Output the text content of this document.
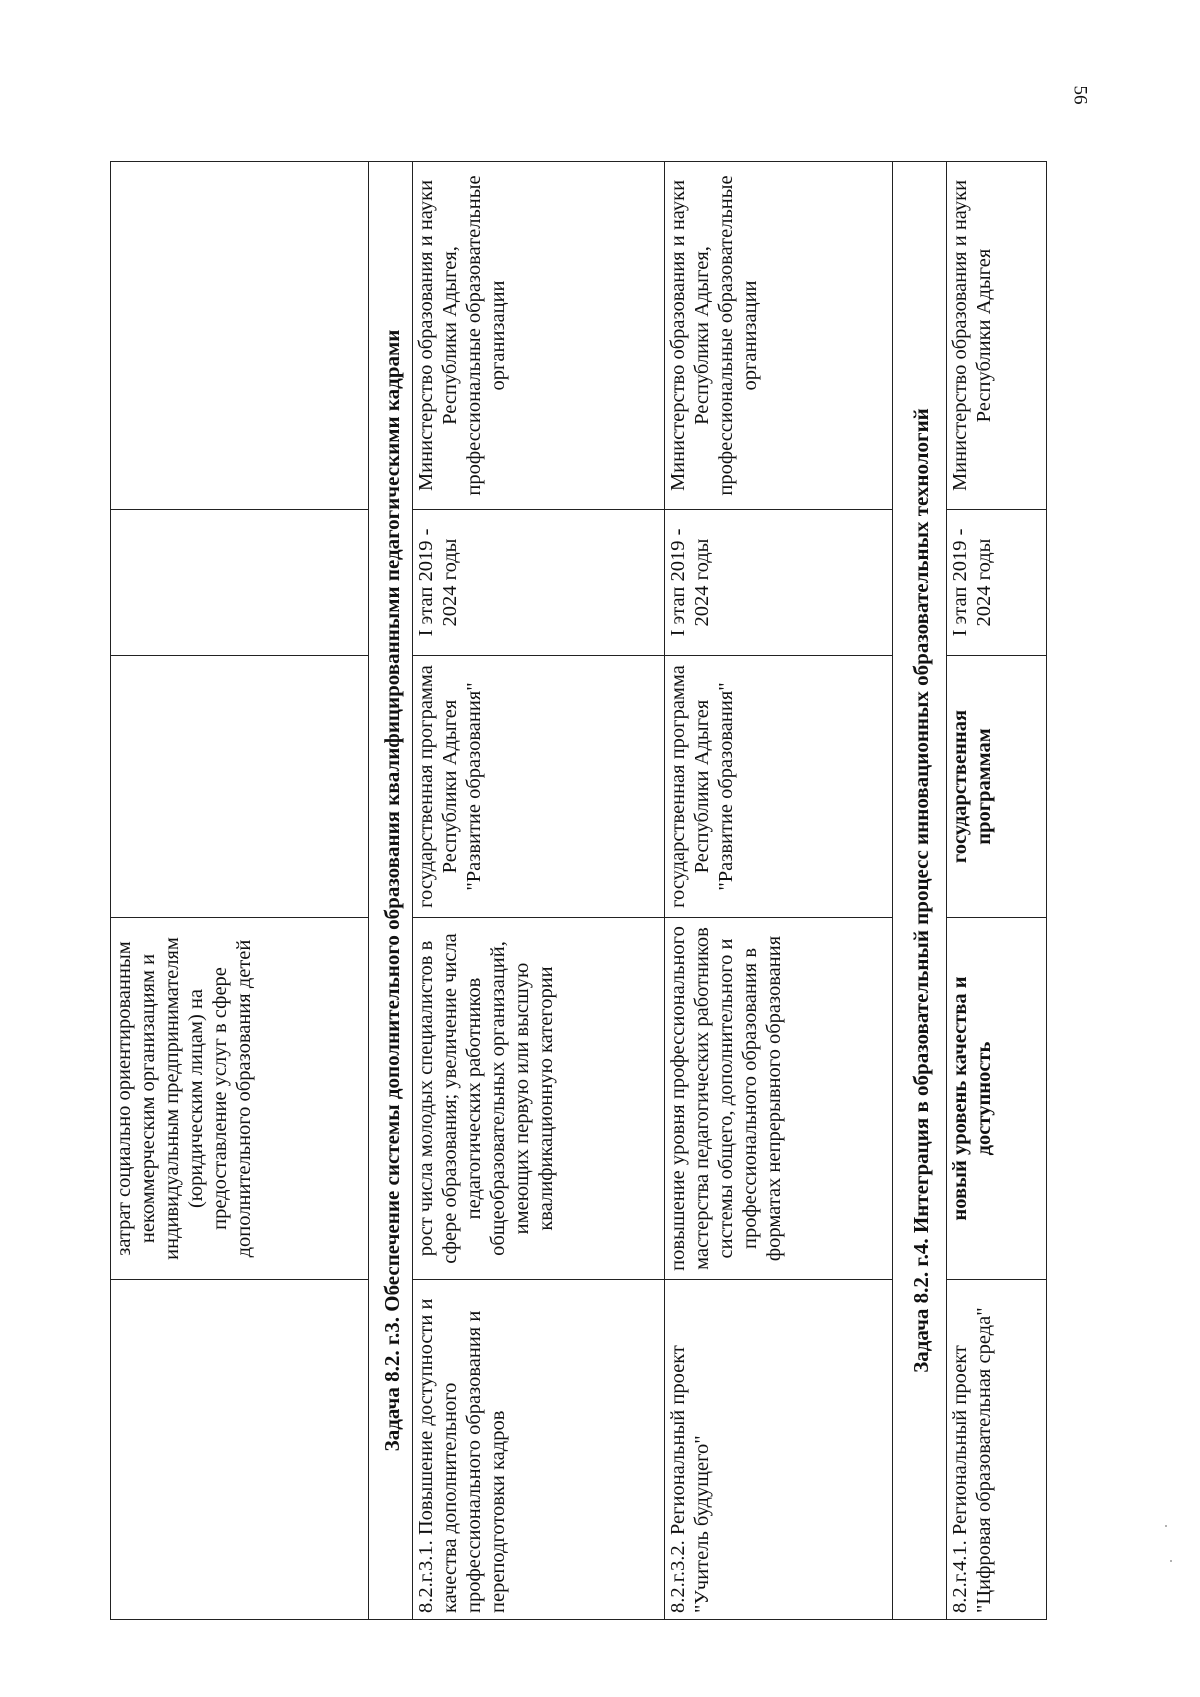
56
	затрат социально ориентированным некоммерческим организациям и индивидуальным предпринимателям (юридическим лицам) на предоставление услуг в сфере дополнительного образования детей			
Задача 8.2. г.3. Обеспечение системы дополнительного образования квалифицированными педагогическими кадрами				
8.2.г.3.1. Повышение доступности и качества дополнительного профессионального образования и переподготовки кадров	рост числа молодых специалистов в сфере образования; увеличение числа педагогических работников общеобразовательных организаций, имеющих первую или высшую квалификационную категории	государственная программа Республики Адыгея "Развитие образования"	I этап 2019 - 2024 годы	Министерство образования и науки Республики Адыгея, профессиональные образовательные организации
8.2.г.3.2. Региональный проект "Учитель будущего"	повышение уровня профессионального мастерства педагогических работников системы общего, дополнительного и профессионального образования в форматах непрерывного образования	государственная программа Республики Адыгея "Развитие образования"	I этап 2019 - 2024 годы	Министерство образования и науки Республики Адыгея, профессиональные образовательные организации
Задача 8.2. г.4. Интеграция в образовательный процесс инновационных образовательных технологий				
8.2.г.4.1. Региональный проект "Цифровая образовательная среда"	новый уровень качества и доступность	государственная программам	I этап 2019 - 2024 годы	Министерство образования и науки Республики Адыгея
